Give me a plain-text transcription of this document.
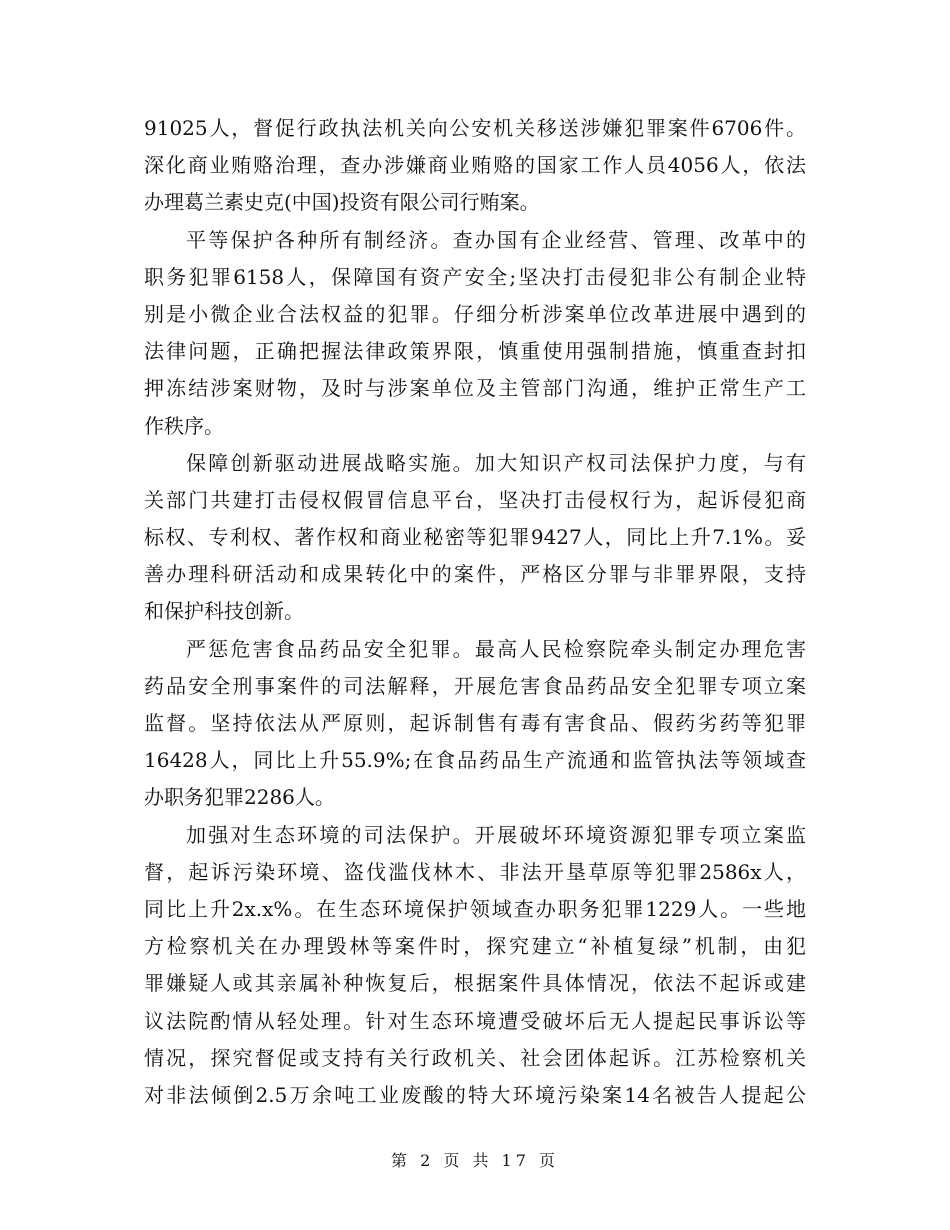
91025人，督促行政执法机关向公安机关移送涉嫌犯罪案件6706件。
深化商业贿赂治理，查办涉嫌商业贿赂的国家工作人员4056人，依法
办理葛兰素史克(中国)投资有限公司行贿案。
平等保护各种所有制经济。查办国有企业经营、管理、改革中的
职务犯罪6158人，保障国有资产安全;坚决打击侵犯非公有制企业特
别是小微企业合法权益的犯罪。仔细分析涉案单位改革进展中遇到的
法律问题，正确把握法律政策界限，慎重使用强制措施，慎重查封扣
押冻结涉案财物，及时与涉案单位及主管部门沟通，维护正常生产工
作秩序。
保障创新驱动进展战略实施。加大知识产权司法保护力度，与有
关部门共建打击侵权假冒信息平台，坚决打击侵权行为，起诉侵犯商
标权、专利权、著作权和商业秘密等犯罪9427人，同比上升7.1%。妥
善办理科研活动和成果转化中的案件，严格区分罪与非罪界限，支持
和保护科技创新。
严惩危害食品药品安全犯罪。最高人民检察院牵头制定办理危害
药品安全刑事案件的司法解释，开展危害食品药品安全犯罪专项立案
监督。坚持依法从严原则，起诉制售有毒有害食品、假药劣药等犯罪
16428人，同比上升55.9%;在食品药品生产流通和监管执法等领域查
办职务犯罪2286人。
加强对生态环境的司法保护。开展破坏环境资源犯罪专项立案监
督，起诉污染环境、盗伐滥伐林木、非法开垦草原等犯罪2586x人，
同比上升2x.x%。在生态环境保护领域查办职务犯罪1229人。一些地
方检察机关在办理毁林等案件时，探究建立“补植复绿”机制，由犯
罪嫌疑人或其亲属补种恢复后，根据案件具体情况，依法不起诉或建
议法院酌情从轻处理。针对生态环境遭受破坏后无人提起民事诉讼等
情况，探究督促或支持有关行政机关、社会团体起诉。江苏检察机关
对非法倾倒2.5万余吨工业废酸的特大环境污染案14名被告人提起公
第 2 页 共 17 页
